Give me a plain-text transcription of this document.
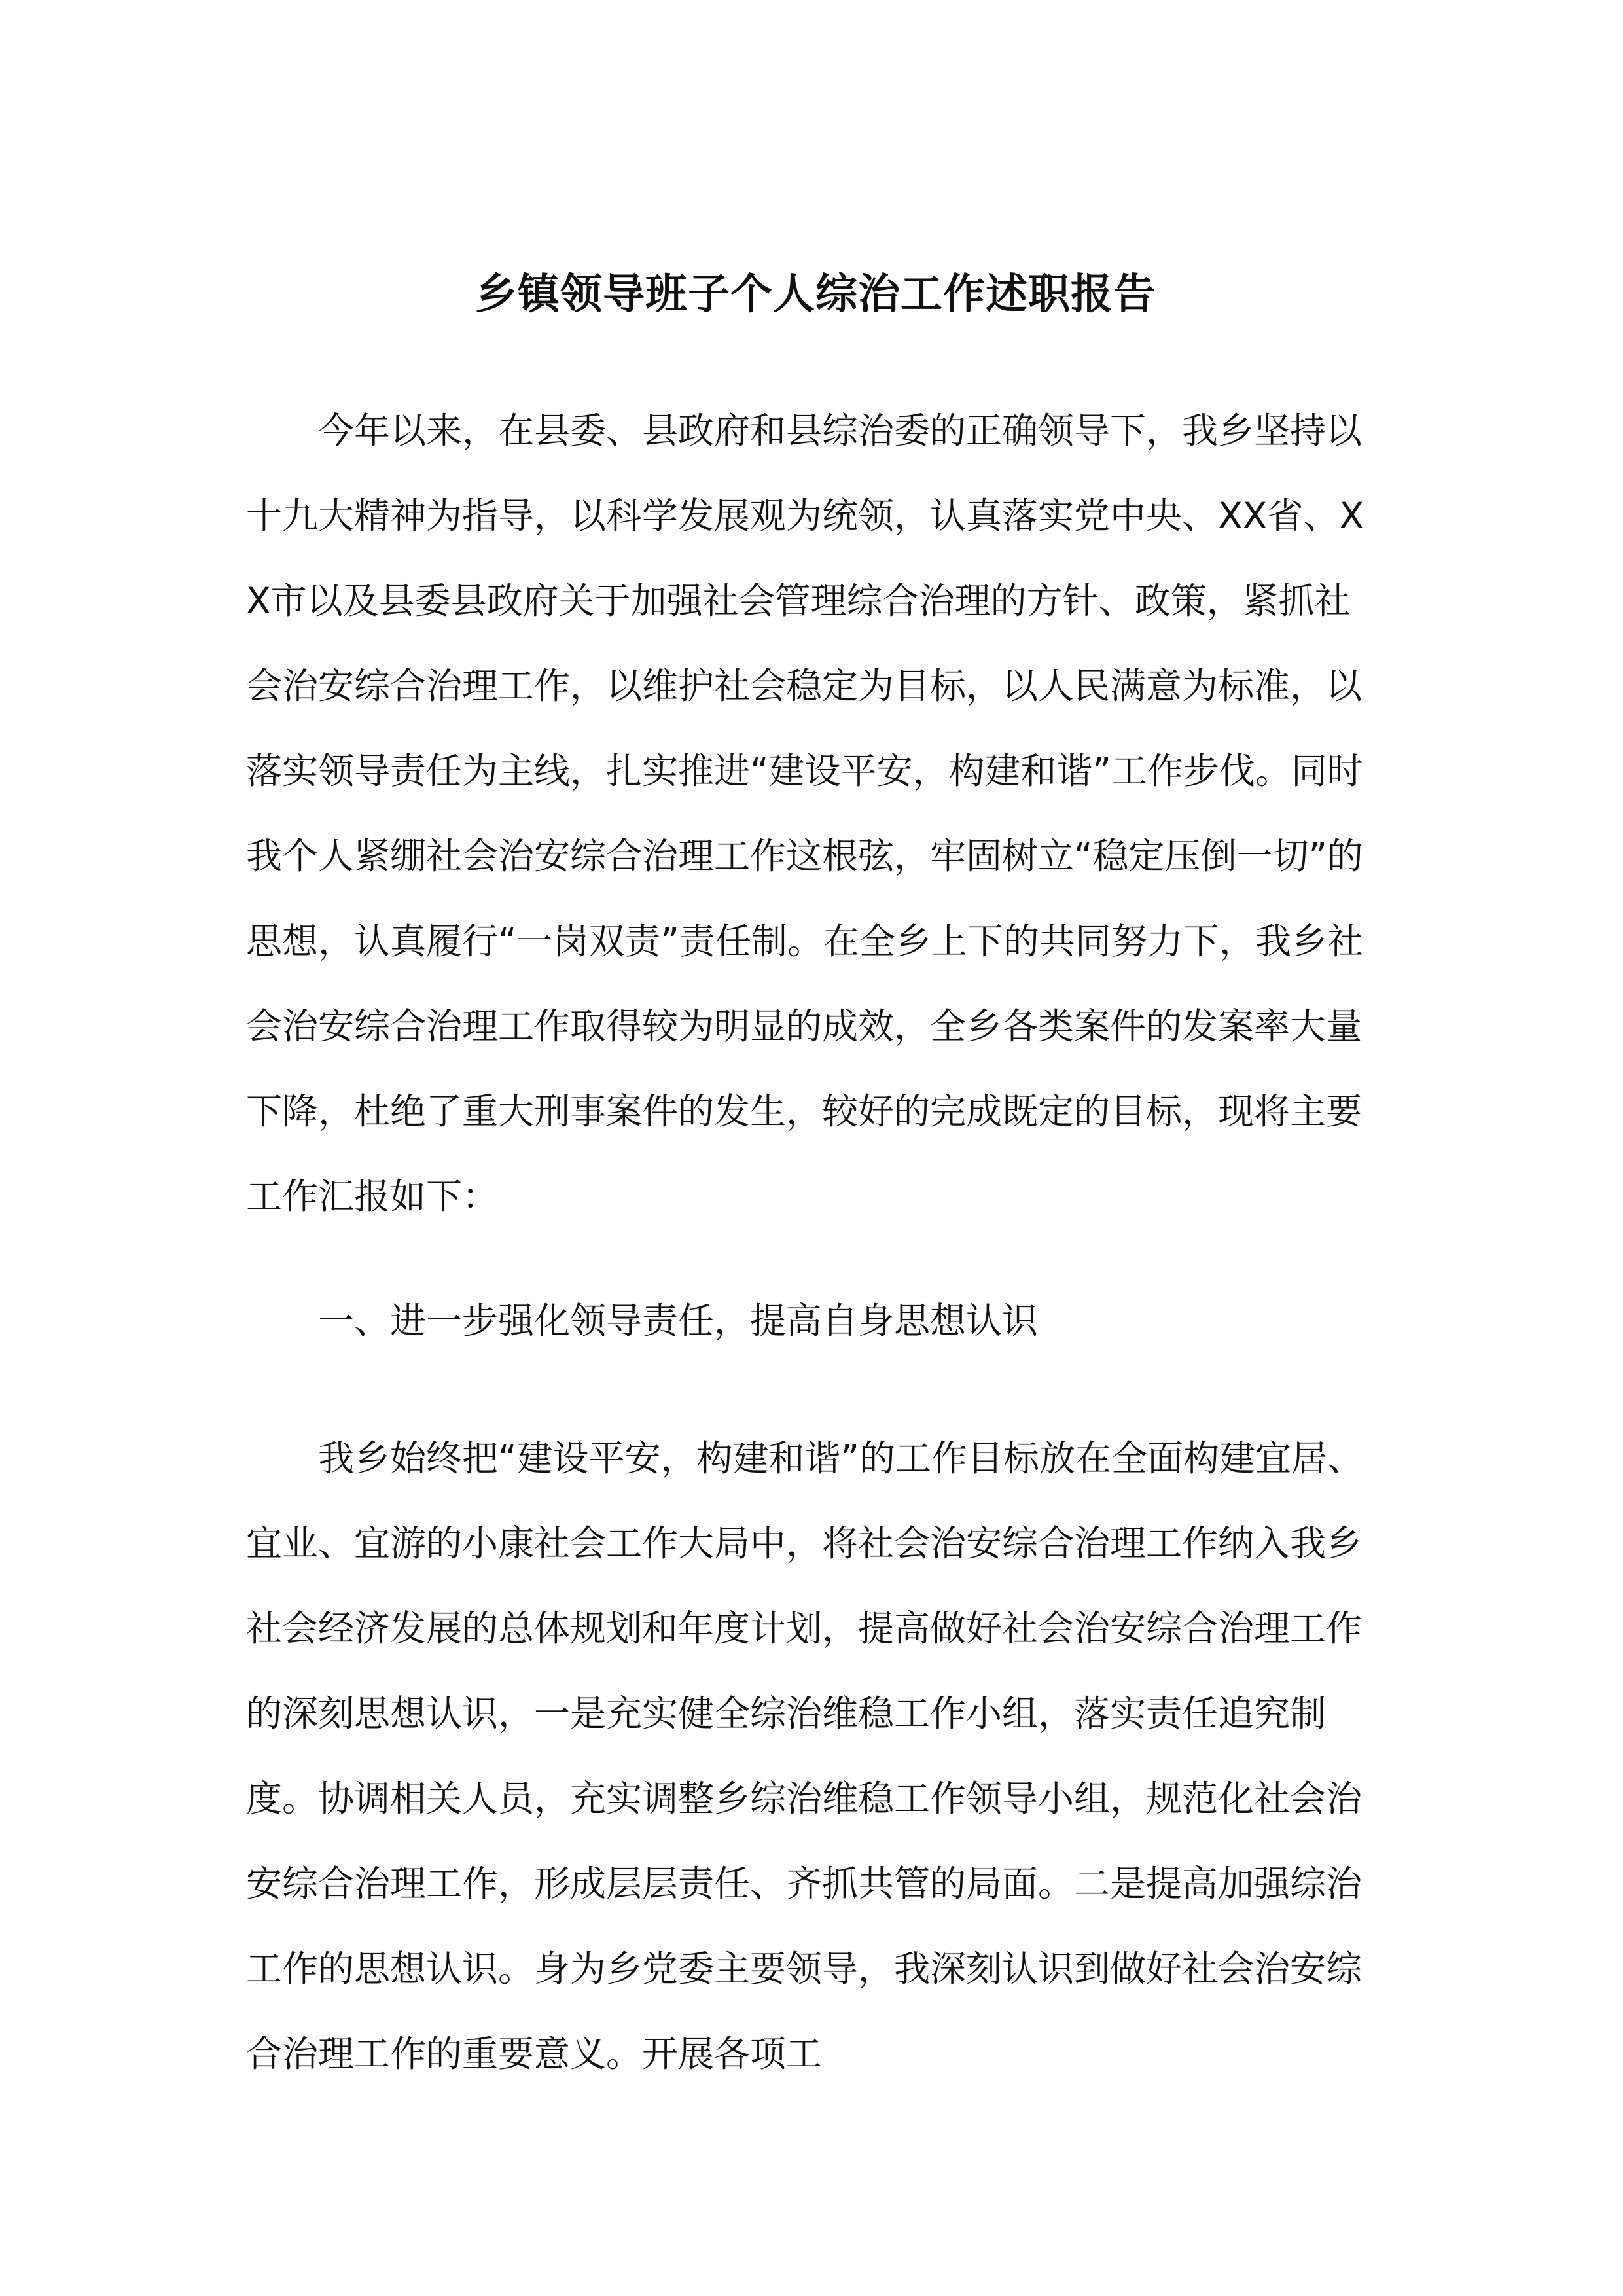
乡镇领导班子个人综治工作述职报告

今年以来，在县委、县政府和县综治委的正确领导下，我乡坚持以十九大精神为指导，以科学发展观为统领，认真落实党中央、XX省、XX市以及县委县政府关于加强社会管理综合治理的方针、政策，紧抓社会治安综合治理工作，以维护社会稳定为目标，以人民满意为标准，以落实领导责任为主线，扎实推进“建设平安，构建和谐”工作步伐。同时我个人紧绷社会治安综合治理工作这根弦，牢固树立“稳定压倒一切”的思想，认真履行“一岗双责”责任制。在全乡上下的共同努力下，我乡社会治安综合治理工作取得较为明显的成效，全乡各类案件的发案率大量下降，杜绝了重大刑事案件的发生，较好的完成既定的目标，现将主要工作汇报如下：

一、进一步强化领导责任，提高自身思想认识

我乡始终把“建设平安，构建和谐”的工作目标放在全面构建宜居、宜业、宜游的小康社会工作大局中，将社会治安综合治理工作纳入我乡社会经济发展的总体规划和年度计划，提高做好社会治安综合治理工作的深刻思想认识，一是充实健全综治维稳工作小组，落实责任追究制度。协调相关人员，充实调整乡综治维稳工作领导小组，规范化社会治安综合治理工作，形成层层责任、齐抓共管的局面。二是提高加强综治工作的思想认识。身为乡党委主要领导，我深刻认识到做好社会治安综合治理工作的重要意义。开展各项工
